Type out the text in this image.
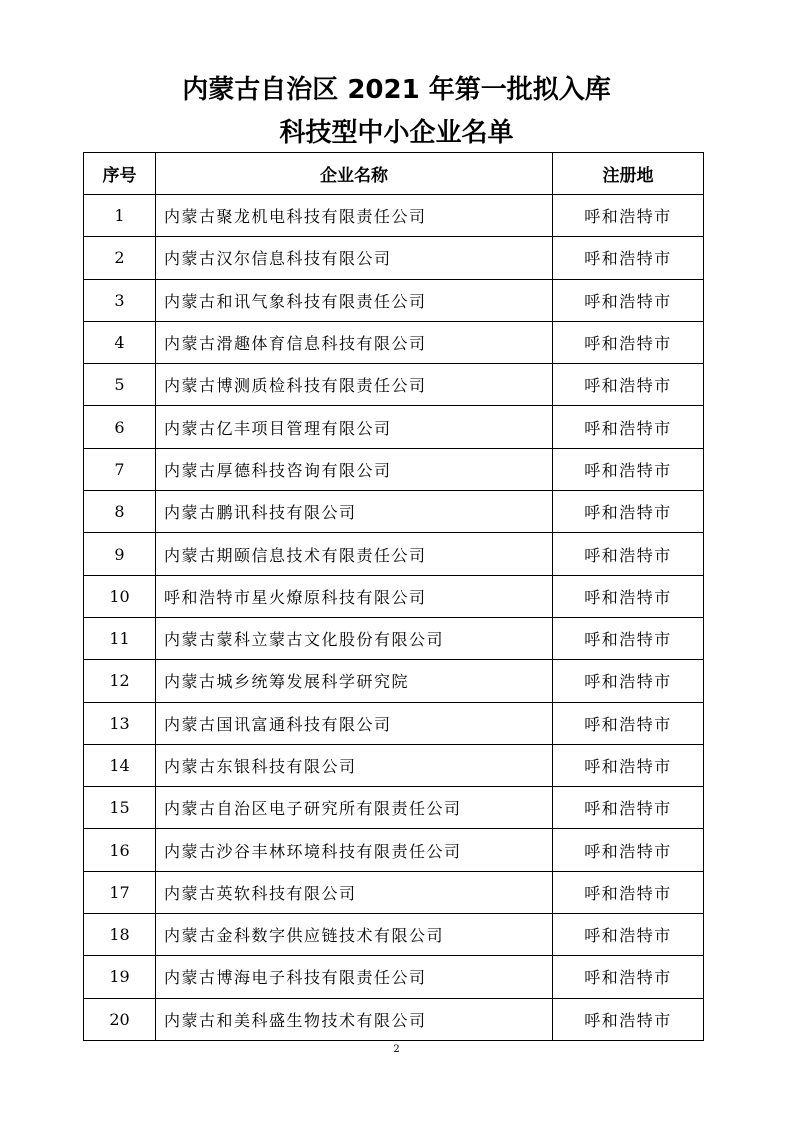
内蒙古自治区 2021 年第一批拟入库
科技型中小企业名单
序号	企业名称	注册地
1	内蒙古聚龙机电科技有限责任公司	呼和浩特市
2	内蒙古汉尔信息科技有限公司	呼和浩特市
3	内蒙古和讯气象科技有限责任公司	呼和浩特市
4	内蒙古滑趣体育信息科技有限公司	呼和浩特市
5	内蒙古博测质检科技有限责任公司	呼和浩特市
6	内蒙古亿丰项目管理有限公司	呼和浩特市
7	内蒙古厚德科技咨询有限公司	呼和浩特市
8	内蒙古鹏讯科技有限公司	呼和浩特市
9	内蒙古期颐信息技术有限责任公司	呼和浩特市
10	呼和浩特市星火燎原科技有限公司	呼和浩特市
11	内蒙古蒙科立蒙古文化股份有限公司	呼和浩特市
12	内蒙古城乡统筹发展科学研究院	呼和浩特市
13	内蒙古国讯富通科技有限公司	呼和浩特市
14	内蒙古东银科技有限公司	呼和浩特市
15	内蒙古自治区电子研究所有限责任公司	呼和浩特市
16	内蒙古沙谷丰林环境科技有限责任公司	呼和浩特市
17	内蒙古英软科技有限公司	呼和浩特市
18	内蒙古金科数字供应链技术有限公司	呼和浩特市
19	内蒙古博海电子科技有限责任公司	呼和浩特市
20	内蒙古和美科盛生物技术有限公司	呼和浩特市
2
